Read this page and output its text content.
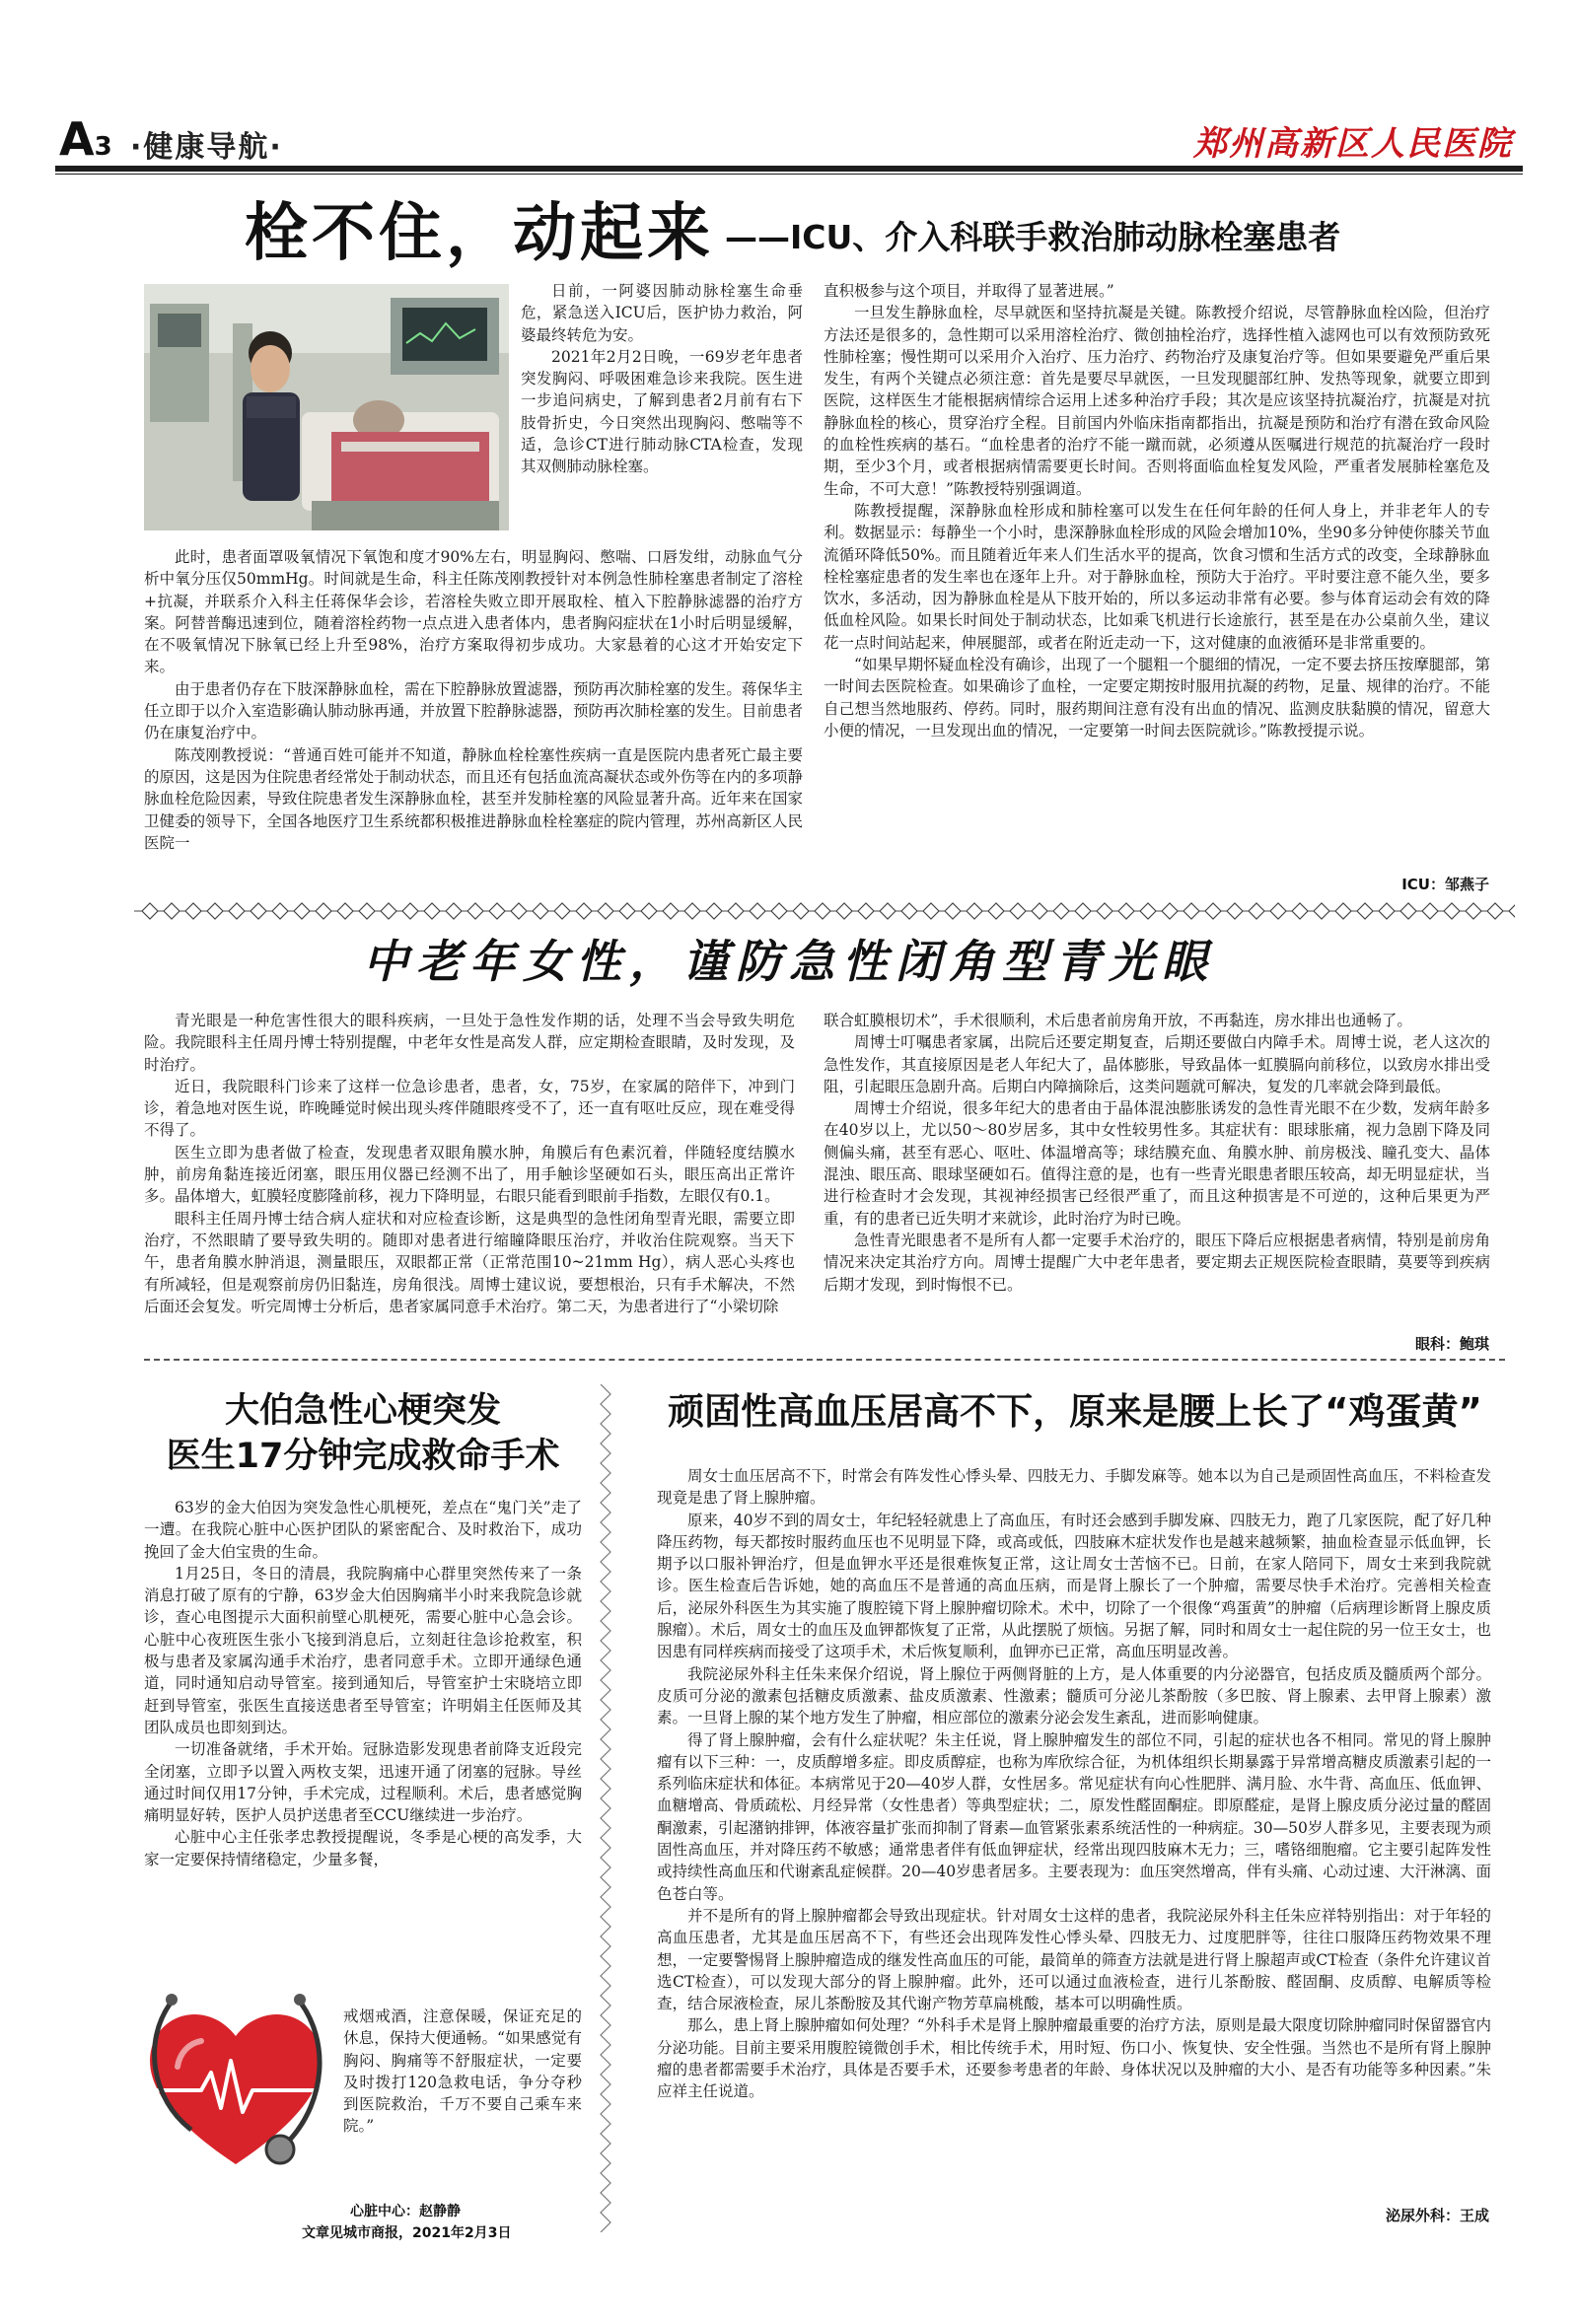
A3 ·健康导航·	郑州高新区人民医院
栓不住，动起来 ——ICU、介入科联手救治肺动脉栓塞患者

日前，一阿婆因肺动脉栓塞生命垂危，紧急送入ICU后，医护协力救治，阿婆最终转危为安。

2021年2月2日晚，一69岁老年患者突发胸闷、呼吸困难急诊来我院。医生进一步追问病史，了解到患者2月前有右下肢骨折史，今日突然出现胸闷、憋喘等不适，急诊CT进行肺动脉CTA检查，发现其双侧肺动脉栓塞。

此时，患者面罩吸氧情况下氧饱和度才90%左右，明显胸闷、憋喘、口唇发绀，动脉血气分析中氧分压仅50mmHg。时间就是生命，科主任陈茂刚教授针对本例急性肺栓塞患者制定了溶栓+抗凝，并联系介入科主任蒋保华会诊，若溶栓失败立即开展取栓、植入下腔静脉滤器的治疗方案。阿替普酶迅速到位，随着溶栓药物一点点进入患者体内，患者胸闷症状在1小时后明显缓解，在不吸氧情况下脉氧已经上升至98%，治疗方案取得初步成功。大家悬着的心这才开始安定下来。

由于患者仍存在下肢深静脉血栓，需在下腔静脉放置滤器，预防再次肺栓塞的发生。蒋保华主任立即于以介入室造影确认肺动脉再通，并放置下腔静脉滤器，预防再次肺栓塞的发生。目前患者仍在康复治疗中。

陈茂刚教授说：“普通百姓可能并不知道，静脉血栓栓塞性疾病一直是医院内患者死亡最主要的原因，这是因为住院患者经常处于制动状态，而且还有包括血流高凝状态或外伤等在内的多项静脉血栓危险因素，导致住院患者发生深静脉血栓，甚至并发肺栓塞的风险显著升高。近年来在国家卫健委的领导下，全国各地医疗卫生系统都积极推进静脉血栓栓塞症的院内管理，苏州高新区人民医院一

直积极参与这个项目，并取得了显著进展。”

一旦发生静脉血栓，尽早就医和坚持抗凝是关键。陈教授介绍说，尽管静脉血栓凶险，但治疗方法还是很多的，急性期可以采用溶栓治疗、微创抽栓治疗，选择性植入滤网也可以有效预防致死性肺栓塞；慢性期可以采用介入治疗、压力治疗、药物治疗及康复治疗等。但如果要避免严重后果发生，有两个关键点必须注意：首先是要尽早就医，一旦发现腿部红肿、发热等现象，就要立即到医院，这样医生才能根据病情综合运用上述多种治疗手段；其次是应该坚持抗凝治疗，抗凝是对抗静脉血栓的核心，贯穿治疗全程。目前国内外临床指南都指出，抗凝是预防和治疗有潜在致命风险的血栓性疾病的基石。“血栓患者的治疗不能一蹴而就，必须遵从医嘱进行规范的抗凝治疗一段时期，至少3个月，或者根据病情需要更长时间。否则将面临血栓复发风险，严重者发展肺栓塞危及生命，不可大意！”陈教授特别强调道。

陈教授提醒，深静脉血栓形成和肺栓塞可以发生在任何年龄的任何人身上，并非老年人的专利。数据显示：每静坐一个小时，患深静脉血栓形成的风险会增加10%，坐90多分钟使你膝关节血流循环降低50%。而且随着近年来人们生活水平的提高，饮食习惯和生活方式的改变，全球静脉血栓栓塞症患者的发生率也在逐年上升。对于静脉血栓，预防大于治疗。平时要注意不能久坐，要多饮水，多活动，因为静脉血栓是从下肢开始的，所以多运动非常有必要。参与体育运动会有效的降低血栓风险。如果长时间处于制动状态，比如乘飞机进行长途旅行，甚至是在办公桌前久坐，建议花一点时间站起来，伸展腿部，或者在附近走动一下，这对健康的血液循环是非常重要的。

“如果早期怀疑血栓没有确诊，出现了一个腿粗一个腿细的情况，一定不要去挤压按摩腿部，第一时间去医院检查。如果确诊了血栓，一定要定期按时服用抗凝的药物，足量、规律的治疗。不能自己想当然地服药、停药。同时，服药期间注意有没有出血的情况、监测皮肤黏膜的情况，留意大小便的情况，一旦发现出血的情况，一定要第一时间去医院就诊。”陈教授提示说。

ICU：邹燕子
中老年女性，谨防急性闭角型青光眼

青光眼是一种危害性很大的眼科疾病，一旦处于急性发作期的话，处理不当会导致失明危险。我院眼科主任周丹博士特别提醒，中老年女性是高发人群，应定期检查眼睛，及时发现，及时治疗。

近日，我院眼科门诊来了这样一位急诊患者，患者，女，75岁，在家属的陪伴下，冲到门诊，着急地对医生说，昨晚睡觉时候出现头疼伴随眼疼受不了，还一直有呕吐反应，现在难受得不得了。

医生立即为患者做了检查，发现患者双眼角膜水肿，角膜后有色素沉着，伴随轻度结膜水肿，前房角黏连接近闭塞，眼压用仪器已经测不出了，用手触诊坚硬如石头，眼压高出正常许多。晶体增大，虹膜轻度膨隆前移，视力下降明显，右眼只能看到眼前手指数，左眼仅有0.1。

眼科主任周丹博士结合病人症状和对应检查诊断，这是典型的急性闭角型青光眼，需要立即治疗，不然眼睛了要导致失明的。随即对患者进行缩瞳降眼压治疗，并收治住院观察。当天下午，患者角膜水肿消退，测量眼压，双眼都正常（正常范围10~21mm Hg），病人恶心头疼也有所减轻，但是观察前房仍旧黏连，房角很浅。周博士建议说，要想根治，只有手术解决，不然后面还会复发。听完周博士分析后，患者家属同意手术治疗。第二天，为患者进行了“小梁切除

联合虹膜根切术”，手术很顺利，术后患者前房角开放，不再黏连，房水排出也通畅了。

周博士叮嘱患者家属，出院后还要定期复查，后期还要做白内障手术。周博士说，老人这次的急性发作，其直接原因是老人年纪大了，晶体膨胀，导致晶体一虹膜膈向前移位，以致房水排出受阻，引起眼压急剧升高。后期白内障摘除后，这类问题就可解决，复发的几率就会降到最低。

周博士介绍说，很多年纪大的患者由于晶体混浊膨胀诱发的急性青光眼不在少数，发病年龄多在40岁以上，尤以50～80岁居多，其中女性较男性多。其症状有：眼球胀痛，视力急剧下降及同侧偏头痛，甚至有恶心、呕吐、体温增高等；球结膜充血、角膜水肿、前房极浅、瞳孔变大、晶体混浊、眼压高、眼球坚硬如石。值得注意的是，也有一些青光眼患者眼压较高，却无明显症状，当进行检查时才会发现，其视神经损害已经很严重了，而且这种损害是不可逆的，这种后果更为严重，有的患者已近失明才来就诊，此时治疗为时已晚。

急性青光眼患者不是所有人都一定要手术治疗的，眼压下降后应根据患者病情，特别是前房角情况来决定其治疗方向。周博士提醒广大中老年患者，要定期去正规医院检查眼睛，莫要等到疾病后期才发现，到时悔恨不已。

眼科：鲍琪
大伯急性心梗突发
医生17分钟完成救命手术

63岁的金大伯因为突发急性心肌梗死，差点在“鬼门关”走了一遭。在我院心脏中心医护团队的紧密配合、及时救治下，成功挽回了金大伯宝贵的生命。

1月25日，冬日的清晨，我院胸痛中心群里突然传来了一条消息打破了原有的宁静，63岁金大伯因胸痛半小时来我院急诊就诊，查心电图提示大面积前壁心肌梗死，需要心脏中心急会诊。心脏中心夜班医生张小飞接到消息后，立刻赶往急诊抢救室，积极与患者及家属沟通手术治疗，患者同意手术。立即开通绿色通道，同时通知启动导管室。接到通知后，导管室护士宋晓培立即赶到导管室，张医生直接送患者至导管室；许明娟主任医师及其团队成员也即刻到达。

一切准备就绪，手术开始。冠脉造影发现患者前降支近段完全闭塞，立即予以置入两枚支架，迅速开通了闭塞的冠脉。导丝通过时间仅用17分钟，手术完成，过程顺利。术后，患者感觉胸痛明显好转，医护人员护送患者至CCU继续进一步治疗。

心脏中心主任张孝忠教授提醒说，冬季是心梗的高发季，大家一定要保持情绪稳定，少量多餐，

戒烟戒酒，注意保暖，保证充足的休息，保持大便通畅。“如果感觉有胸闷、胸痛等不舒服症状，一定要及时拨打120急救电话，争分夺秒到医院救治，千万不要自己乘车来院。”

心脏中心：赵静静
文章见城市商报，2021年2月3日
顽固性高血压居高不下，原来是腰上长了“鸡蛋黄”

周女士血压居高不下，时常会有阵发性心悸头晕、四肢无力、手脚发麻等。她本以为自己是顽固性高血压，不料检查发现竟是患了肾上腺肿瘤。

原来，40岁不到的周女士，年纪轻轻就患上了高血压，有时还会感到手脚发麻、四肢无力，跑了几家医院，配了好几种降压药物，每天都按时服药血压也不见明显下降，或高或低，四肢麻木症状发作也是越来越频繁，抽血检查显示低血钾，长期予以口服补钾治疗，但是血钾水平还是很难恢复正常，这让周女士苦恼不已。日前，在家人陪同下，周女士来到我院就诊。医生检查后告诉她，她的高血压不是普通的高血压病，而是肾上腺长了一个肿瘤，需要尽快手术治疗。完善相关检查后，泌尿外科医生为其实施了腹腔镜下肾上腺肿瘤切除术。术中，切除了一个很像“鸡蛋黄”的肿瘤（后病理诊断肾上腺皮质腺瘤）。术后，周女士的血压及血钾都恢复了正常，从此摆脱了烦恼。另据了解，同时和周女士一起住院的另一位王女士，也因患有同样疾病而接受了这项手术，术后恢复顺利，血钾亦已正常，高血压明显改善。

我院泌尿外科主任朱来保介绍说，肾上腺位于两侧肾脏的上方，是人体重要的内分泌器官，包括皮质及髓质两个部分。皮质可分泌的激素包括糖皮质激素、盐皮质激素、性激素；髓质可分泌儿茶酚胺（多巴胺、肾上腺素、去甲肾上腺素）激素。一旦肾上腺的某个地方发生了肿瘤，相应部位的激素分泌会发生紊乱，进而影响健康。

得了肾上腺肿瘤，会有什么症状呢？朱主任说，肾上腺肿瘤发生的部位不同，引起的症状也各不相同。常见的肾上腺肿瘤有以下三种：一，皮质醇增多症。即皮质醇症，也称为库欣综合征，为机体组织长期暴露于异常增高糖皮质激素引起的一系列临床症状和体征。本病常见于20—40岁人群，女性居多。常见症状有向心性肥胖、满月脸、水牛背、高血压、低血钾、血糖增高、骨质疏松、月经异常（女性患者）等典型症状；二，原发性醛固酮症。即原醛症，是肾上腺皮质分泌过量的醛固酮激素，引起潴钠排钾，体液容量扩张而抑制了肾素—血管紧张素系统活性的一种病症。30—50岁人群多见，主要表现为顽固性高血压，并对降压药不敏感；通常患者伴有低血钾症状，经常出现四肢麻木无力；三，嗜铬细胞瘤。它主要引起阵发性或持续性高血压和代谢紊乱症候群。20—40岁患者居多。主要表现为：血压突然增高，伴有头痛、心动过速、大汗淋漓、面色苍白等。

并不是所有的肾上腺肿瘤都会导致出现症状。针对周女士这样的患者，我院泌尿外科主任朱应祥特别指出：对于年轻的高血压患者，尤其是血压居高不下，有些还会出现阵发性心悸头晕、四肢无力、过度肥胖等，往往口服降压药物效果不理想，一定要警惕肾上腺肿瘤造成的继发性高血压的可能，最简单的筛查方法就是进行肾上腺超声或CT检查（条件允许建议首选CT检查），可以发现大部分的肾上腺肿瘤。此外，还可以通过血液检查，进行儿茶酚胺、醛固酮、皮质醇、电解质等检查，结合尿液检查，尿儿茶酚胺及其代谢产物芳草扁桃酸，基本可以明确性质。

那么，患上肾上腺肿瘤如何处理？“外科手术是肾上腺肿瘤最重要的治疗方法，原则是最大限度切除肿瘤同时保留器官内分泌功能。目前主要采用腹腔镜微创手术，相比传统手术，用时短、伤口小、恢复快、安全性强。当然也不是所有肾上腺肿瘤的患者都需要手术治疗，具体是否要手术，还要参考患者的年龄、身体状况以及肿瘤的大小、是否有功能等多种因素。”朱应祥主任说道。

泌尿外科：王成
